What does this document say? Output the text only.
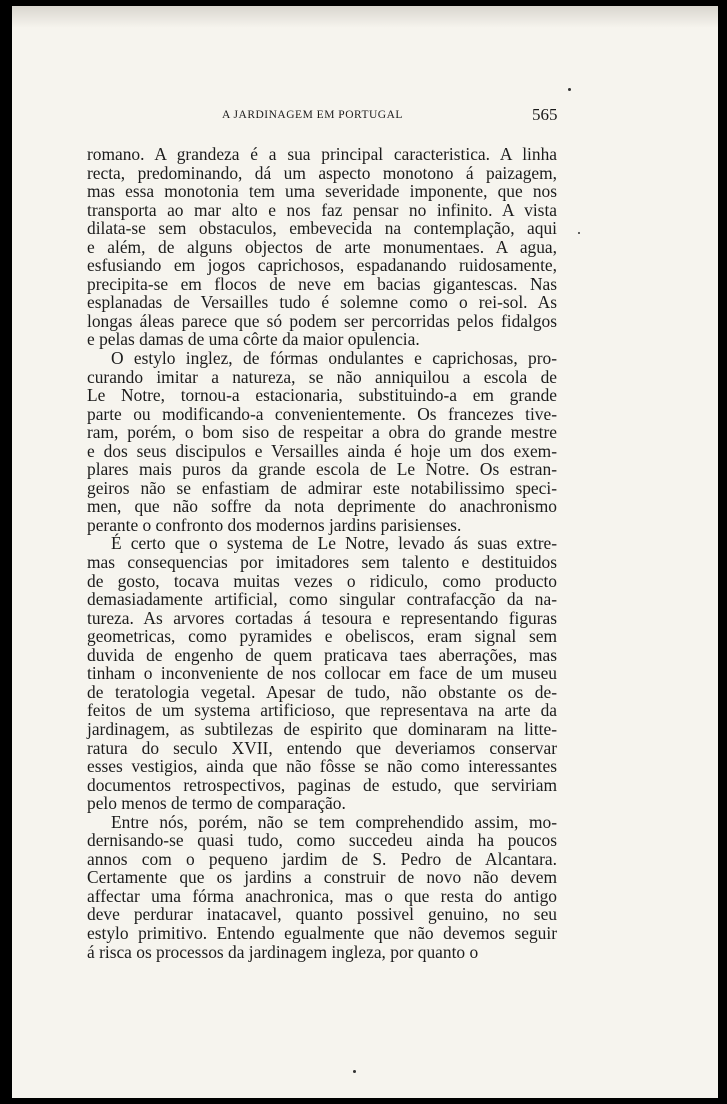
A JARDINAGEM EM PORTUGAL	565
romano. A grandeza é a sua principal caracteristica. A linha
recta, predominando, dá um aspecto monotono á paizagem,
mas essa monotonia tem uma severidade imponente, que nos
transporta ao mar alto e nos faz pensar no infinito. A vista
dilata-se sem obstaculos, embevecida na contemplação, aqui
e além, de alguns objectos de arte monumentaes. A agua,
esfusiando em jogos caprichosos, espadanando ruidosamente,
precipita-se em flocos de neve em bacias gigantescas. Nas
esplanadas de Versailles tudo é solemne como o rei-sol. As
longas áleas parece que só podem ser percorridas pelos fidalgos
e pelas damas de uma côrte da maior opulencia.
O estylo inglez, de fórmas ondulantes e caprichosas, pro-
curando imitar a natureza, se não anniquilou a escola de
Le Notre, tornou-a estacionaria, substituindo-a em grande
parte ou modificando-a convenientemente. Os francezes tive-
ram, porém, o bom siso de respeitar a obra do grande mestre
e dos seus discipulos e Versailles ainda é hoje um dos exem-
plares mais puros da grande escola de Le Notre. Os estran-
geiros não se enfastiam de admirar este notabilissimo speci-
men, que não soffre da nota deprimente do anachronismo
perante o confronto dos modernos jardins parisienses.
É certo que o systema de Le Notre, levado ás suas extre-
mas consequencias por imitadores sem talento e destituidos
de gosto, tocava muitas vezes o ridiculo, como producto
demasiadamente artificial, como singular contrafacção da na-
tureza. As arvores cortadas á tesoura e representando figuras
geometricas, como pyramides e obeliscos, eram signal sem
duvida de engenho de quem praticava taes aberrações, mas
tinham o inconveniente de nos collocar em face de um museu
de teratologia vegetal. Apesar de tudo, não obstante os de-
feitos de um systema artificioso, que representava na arte da
jardinagem, as subtilezas de espirito que dominaram na litte-
ratura do seculo XVII, entendo que deveriamos conservar
esses vestigios, ainda que não fôsse se não como interessantes
documentos retrospectivos, paginas de estudo, que serviriam
pelo menos de termo de comparação.
Entre nós, porém, não se tem comprehendido assim, mo-
dernisando-se quasi tudo, como succedeu ainda ha poucos
annos com o pequeno jardim de S. Pedro de Alcantara.
Certamente que os jardins a construir de novo não devem
affectar uma fórma anachronica, mas o que resta do antigo
deve perdurar inatacavel, quanto possivel genuino, no seu
estylo primitivo. Entendo egualmente que não devemos seguir
á risca os processos da jardinagem ingleza, por quanto o
